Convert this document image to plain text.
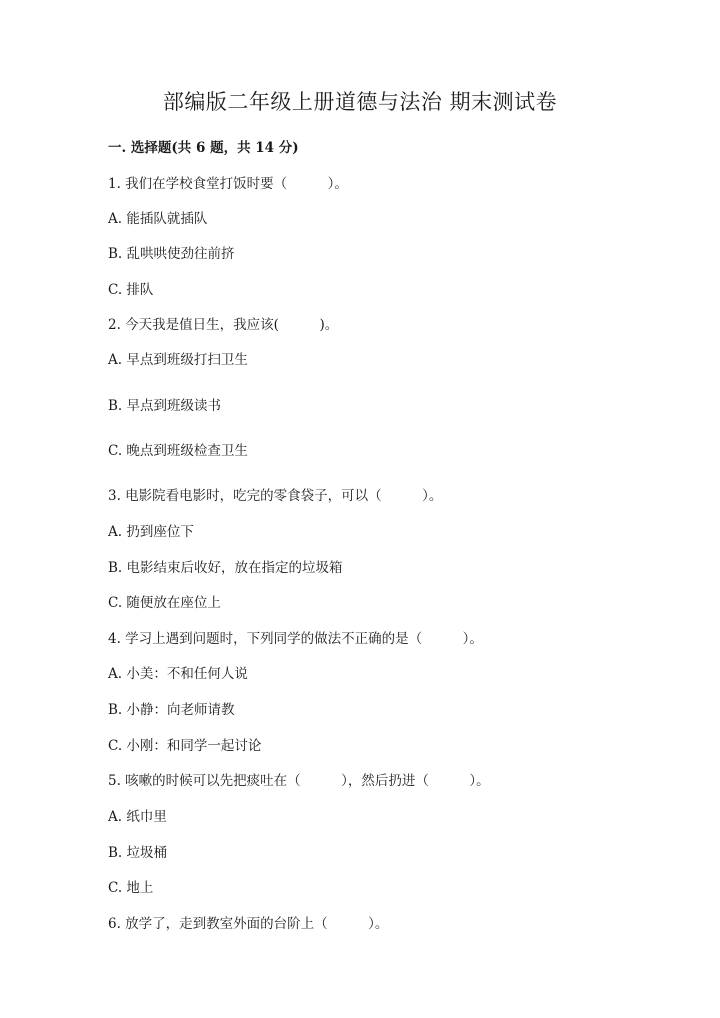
部编版二年级上册道德与法治 期末测试卷

一. 选择题(共 6 题，共 14 分)

1. 我们在学校食堂打饭时要（　　　）。

A. 能插队就插队

B. 乱哄哄使劲往前挤

C. 排队

2. 今天我是值日生，我应该(　　　)。

A. 早点到班级打扫卫生

B. 早点到班级读书

C. 晚点到班级检查卫生

3. 电影院看电影时，吃完的零食袋子，可以（　　　）。

A. 扔到座位下

B. 电影结束后收好，放在指定的垃圾箱

C. 随便放在座位上

4. 学习上遇到问题时，下列同学的做法不正确的是（　　　）。

A. 小美：不和任何人说

B. 小静：向老师请教

C. 小刚：和同学一起讨论

5. 咳嗽的时候可以先把痰吐在（　　　），然后扔进（　　　）。

A. 纸巾里

B. 垃圾桶

C. 地上

6. 放学了，走到教室外面的台阶上（　　　）。
